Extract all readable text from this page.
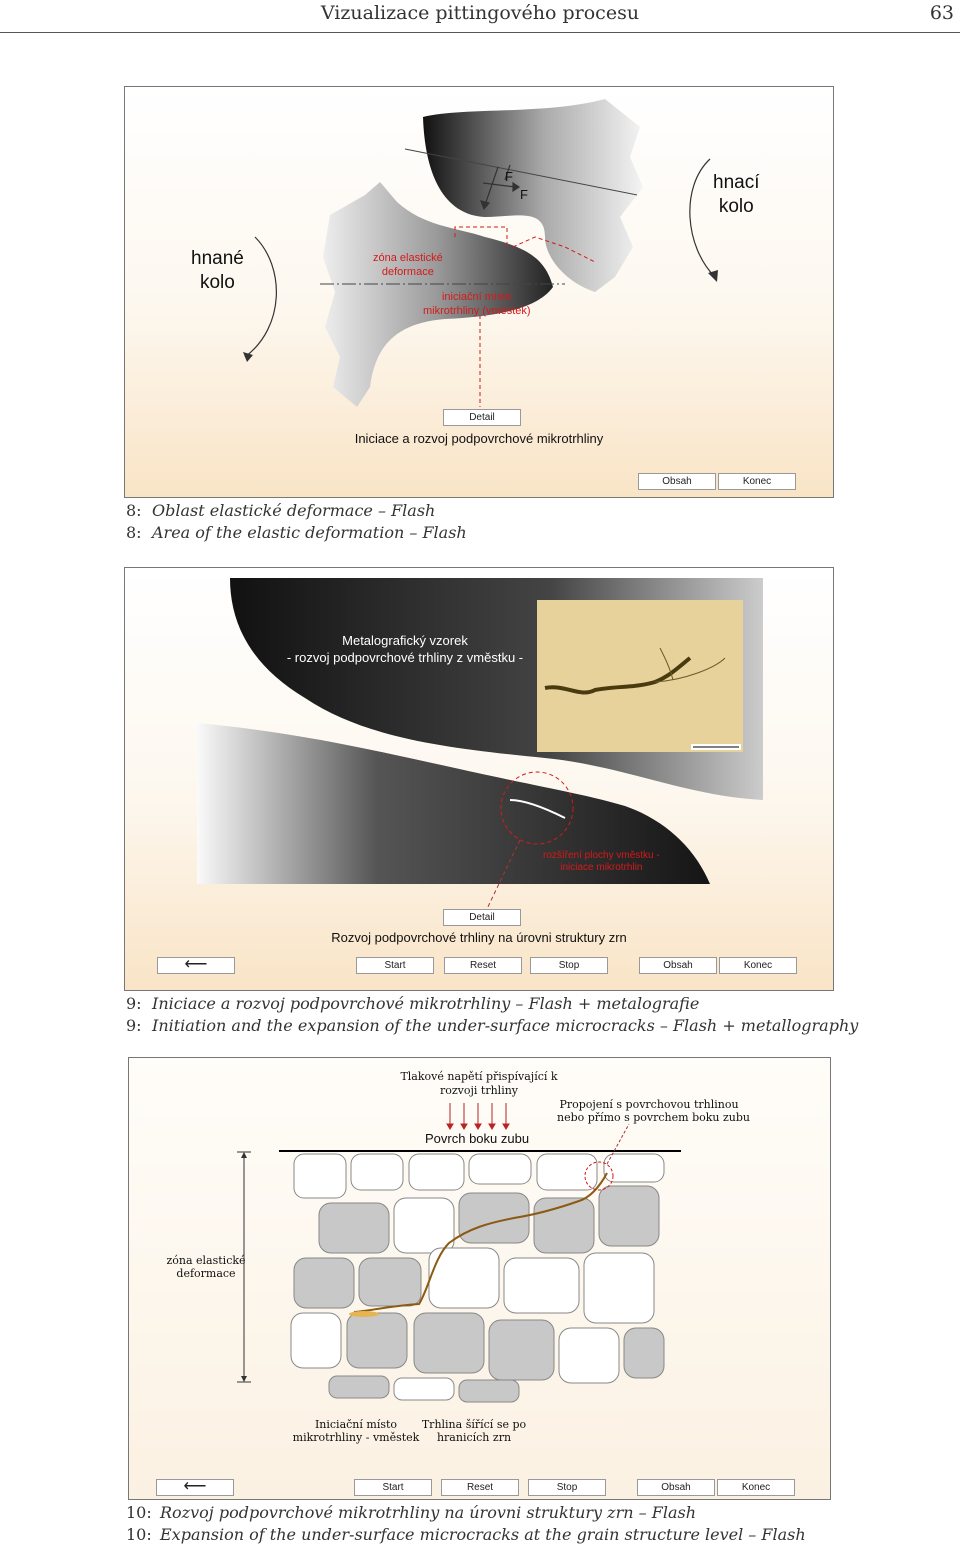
Vizualizace pittingového procesu	63
hnané
kolo
hnací
kolo
F
F
zóna elastické
deformace
iniciační místo
mikrotrhliny (vměstek)
Detail
Iniciace a rozvoj podpovrchové mikrotrhliny
Obsah	Konec
8: Oblast elastické deformace – Flash
8: Area of the elastic deformation – Flash
Metalografický vzorek
- rozvoj podpovrchové trhliny z vměstku -
rozšíření plochy vměstku -
iniciace mikrotrhlin
Detail
Rozvoj podpovrchové trhliny na úrovni struktury zrn
⟵	Start	Reset	Stop	Obsah	Konec
9: Iniciace a rozvoj podpovrchové mikrotrhliny – Flash + metalografie
9: Initiation and the expansion of the under-surface microcracks – Flash + metallography
Tlakové napětí přispívající k
rozvoji trhliny
Propojení s povrchovou trhlinou
nebo přímo s povrchem boku zubu
Povrch boku zubu
zóna elastické
deformace
Iniciační místo
mikrotrhliny - vměstek
Trhlina šířící se po
hranicích zrn
⟵	Start	Reset	Stop	Obsah	Konec
10: Rozvoj podpovrchové mikrotrhliny na úrovni struktury zrn – Flash
10: Expansion of the under-surface microcracks at the grain structure level – Flash
